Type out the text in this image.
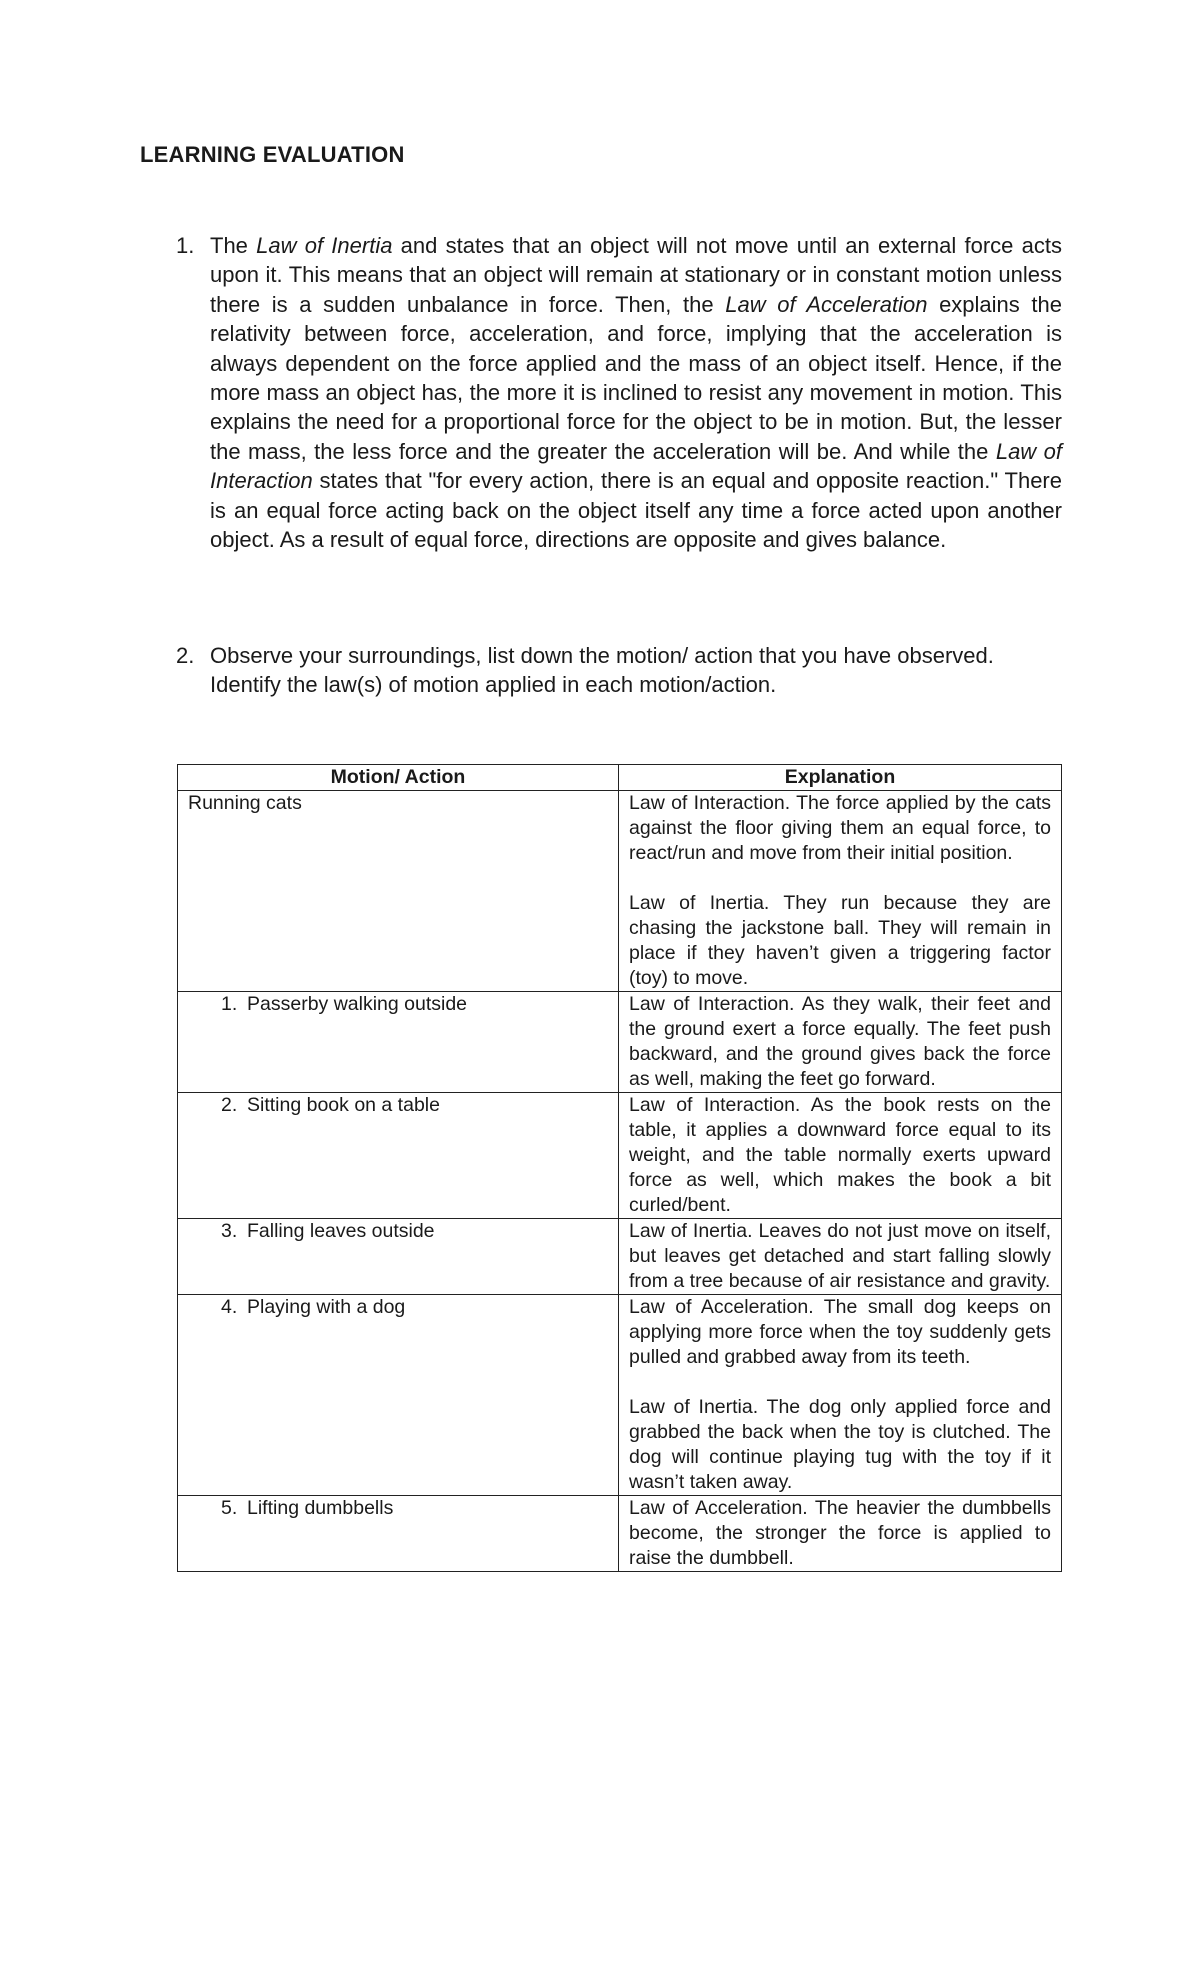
LEARNING EVALUATION
1. The Law of Inertia and states that an object will not move until an external force acts upon it. This means that an object will remain at stationary or in constant motion unless there is a sudden unbalance in force. Then, the Law of Acceleration explains the relativity between force, acceleration, and force, implying that the acceleration is always dependent on the force applied and the mass of an object itself. Hence, if the more mass an object has, the more it is inclined to resist any movement in motion. This explains the need for a proportional force for the object to be in motion. But, the lesser the mass, the less force and the greater the acceleration will be. And while the Law of Interaction states that "for every action, there is an equal and opposite reaction." There is an equal force acting back on the object itself any time a force acted upon another object. As a result of equal force, directions are opposite and gives balance.
2. Observe your surroundings, list down the motion/ action that you have observed. Identify the law(s) of motion applied in each motion/action.
Motion/ Action	Explanation
Running cats	Law of Interaction. The force applied by the cats against the floor giving them an equal force, to react/run and move from their initial position.
Law of Inertia. They run because they are chasing the jackstone ball. They will remain in place if they haven’t given a triggering factor (toy) to move.

1. Passerby walking outside	Law of Interaction. As they walk, their feet and the ground exert a force equally. The feet push backward, and the ground gives back the force as well, making the feet go forward.

2. Sitting book on a table	Law of Interaction. As the book rests on the table, it applies a downward force equal to its weight, and the table normally exerts upward force as well, which makes the book a bit curled/bent.

3. Falling leaves outside	Law of Inertia. Leaves do not just move on itself, but leaves get detached and start falling slowly from a tree because of air resistance and gravity.

4. Playing with a dog	Law of Acceleration. The small dog keeps on applying more force when the toy suddenly gets pulled and grabbed away from its teeth.
Law of Inertia. The dog only applied force and grabbed the back when the toy is clutched. The dog will continue playing tug with the toy if it wasn’t taken away.

5. Lifting dumbbells	Law of Acceleration. The heavier the dumbbells become, the stronger the force is applied to raise the dumbbell.
